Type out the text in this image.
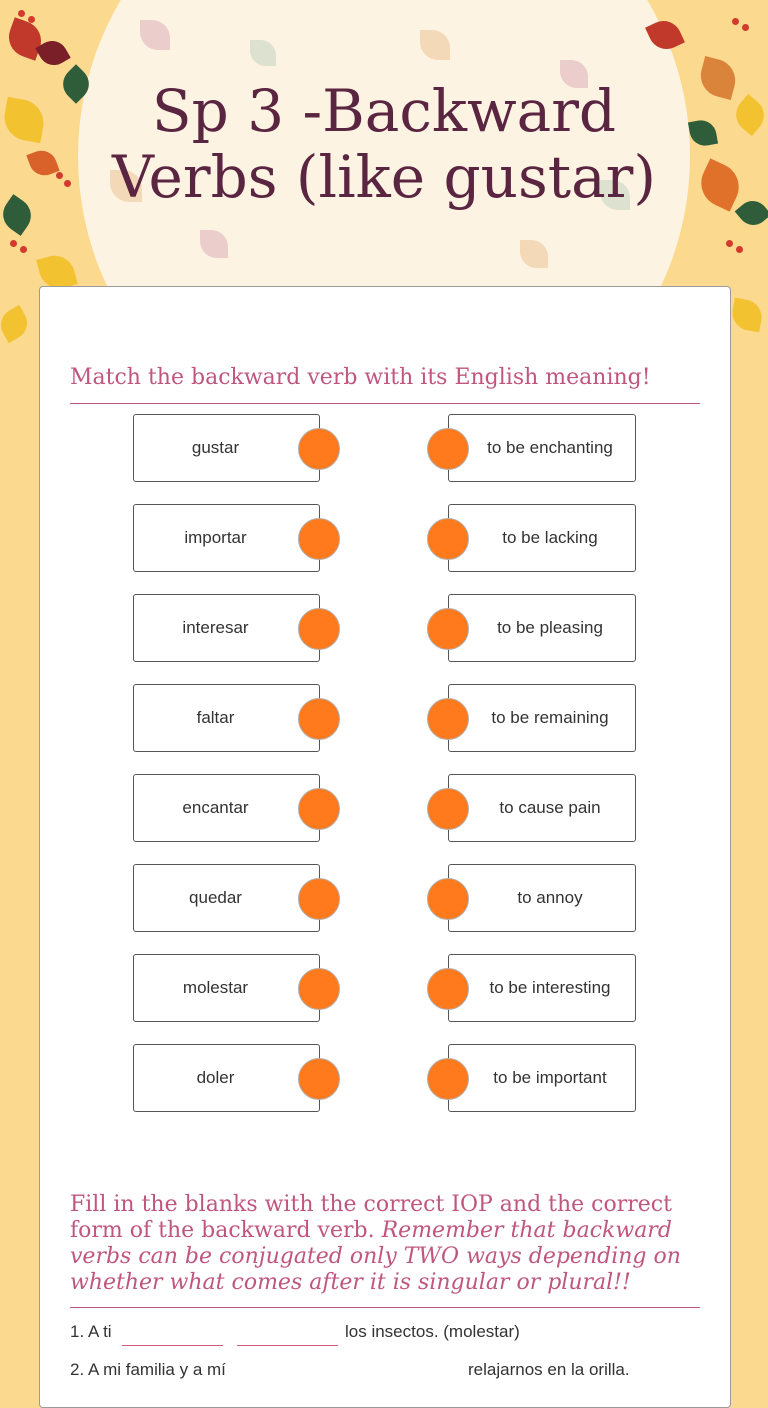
Sp 3 -Backward Verbs (like gustar)
Match the backward verb with its English meaning!
gustar
importar
interesar
faltar
encantar
quedar
molestar
doler
to be enchanting
to be lacking
to be pleasing
to be remaining
to cause pain
to annoy
to be interesting
to be important
Fill in the blanks with the correct IOP and the correct form of the backward verb. Remember that backward verbs can be conjugated only TWO ways depending on whether what comes after it is singular or plural!!
1. A ti	los insectos. (molestar)
2. A mi familia y a mí	relajarnos en la orilla.
